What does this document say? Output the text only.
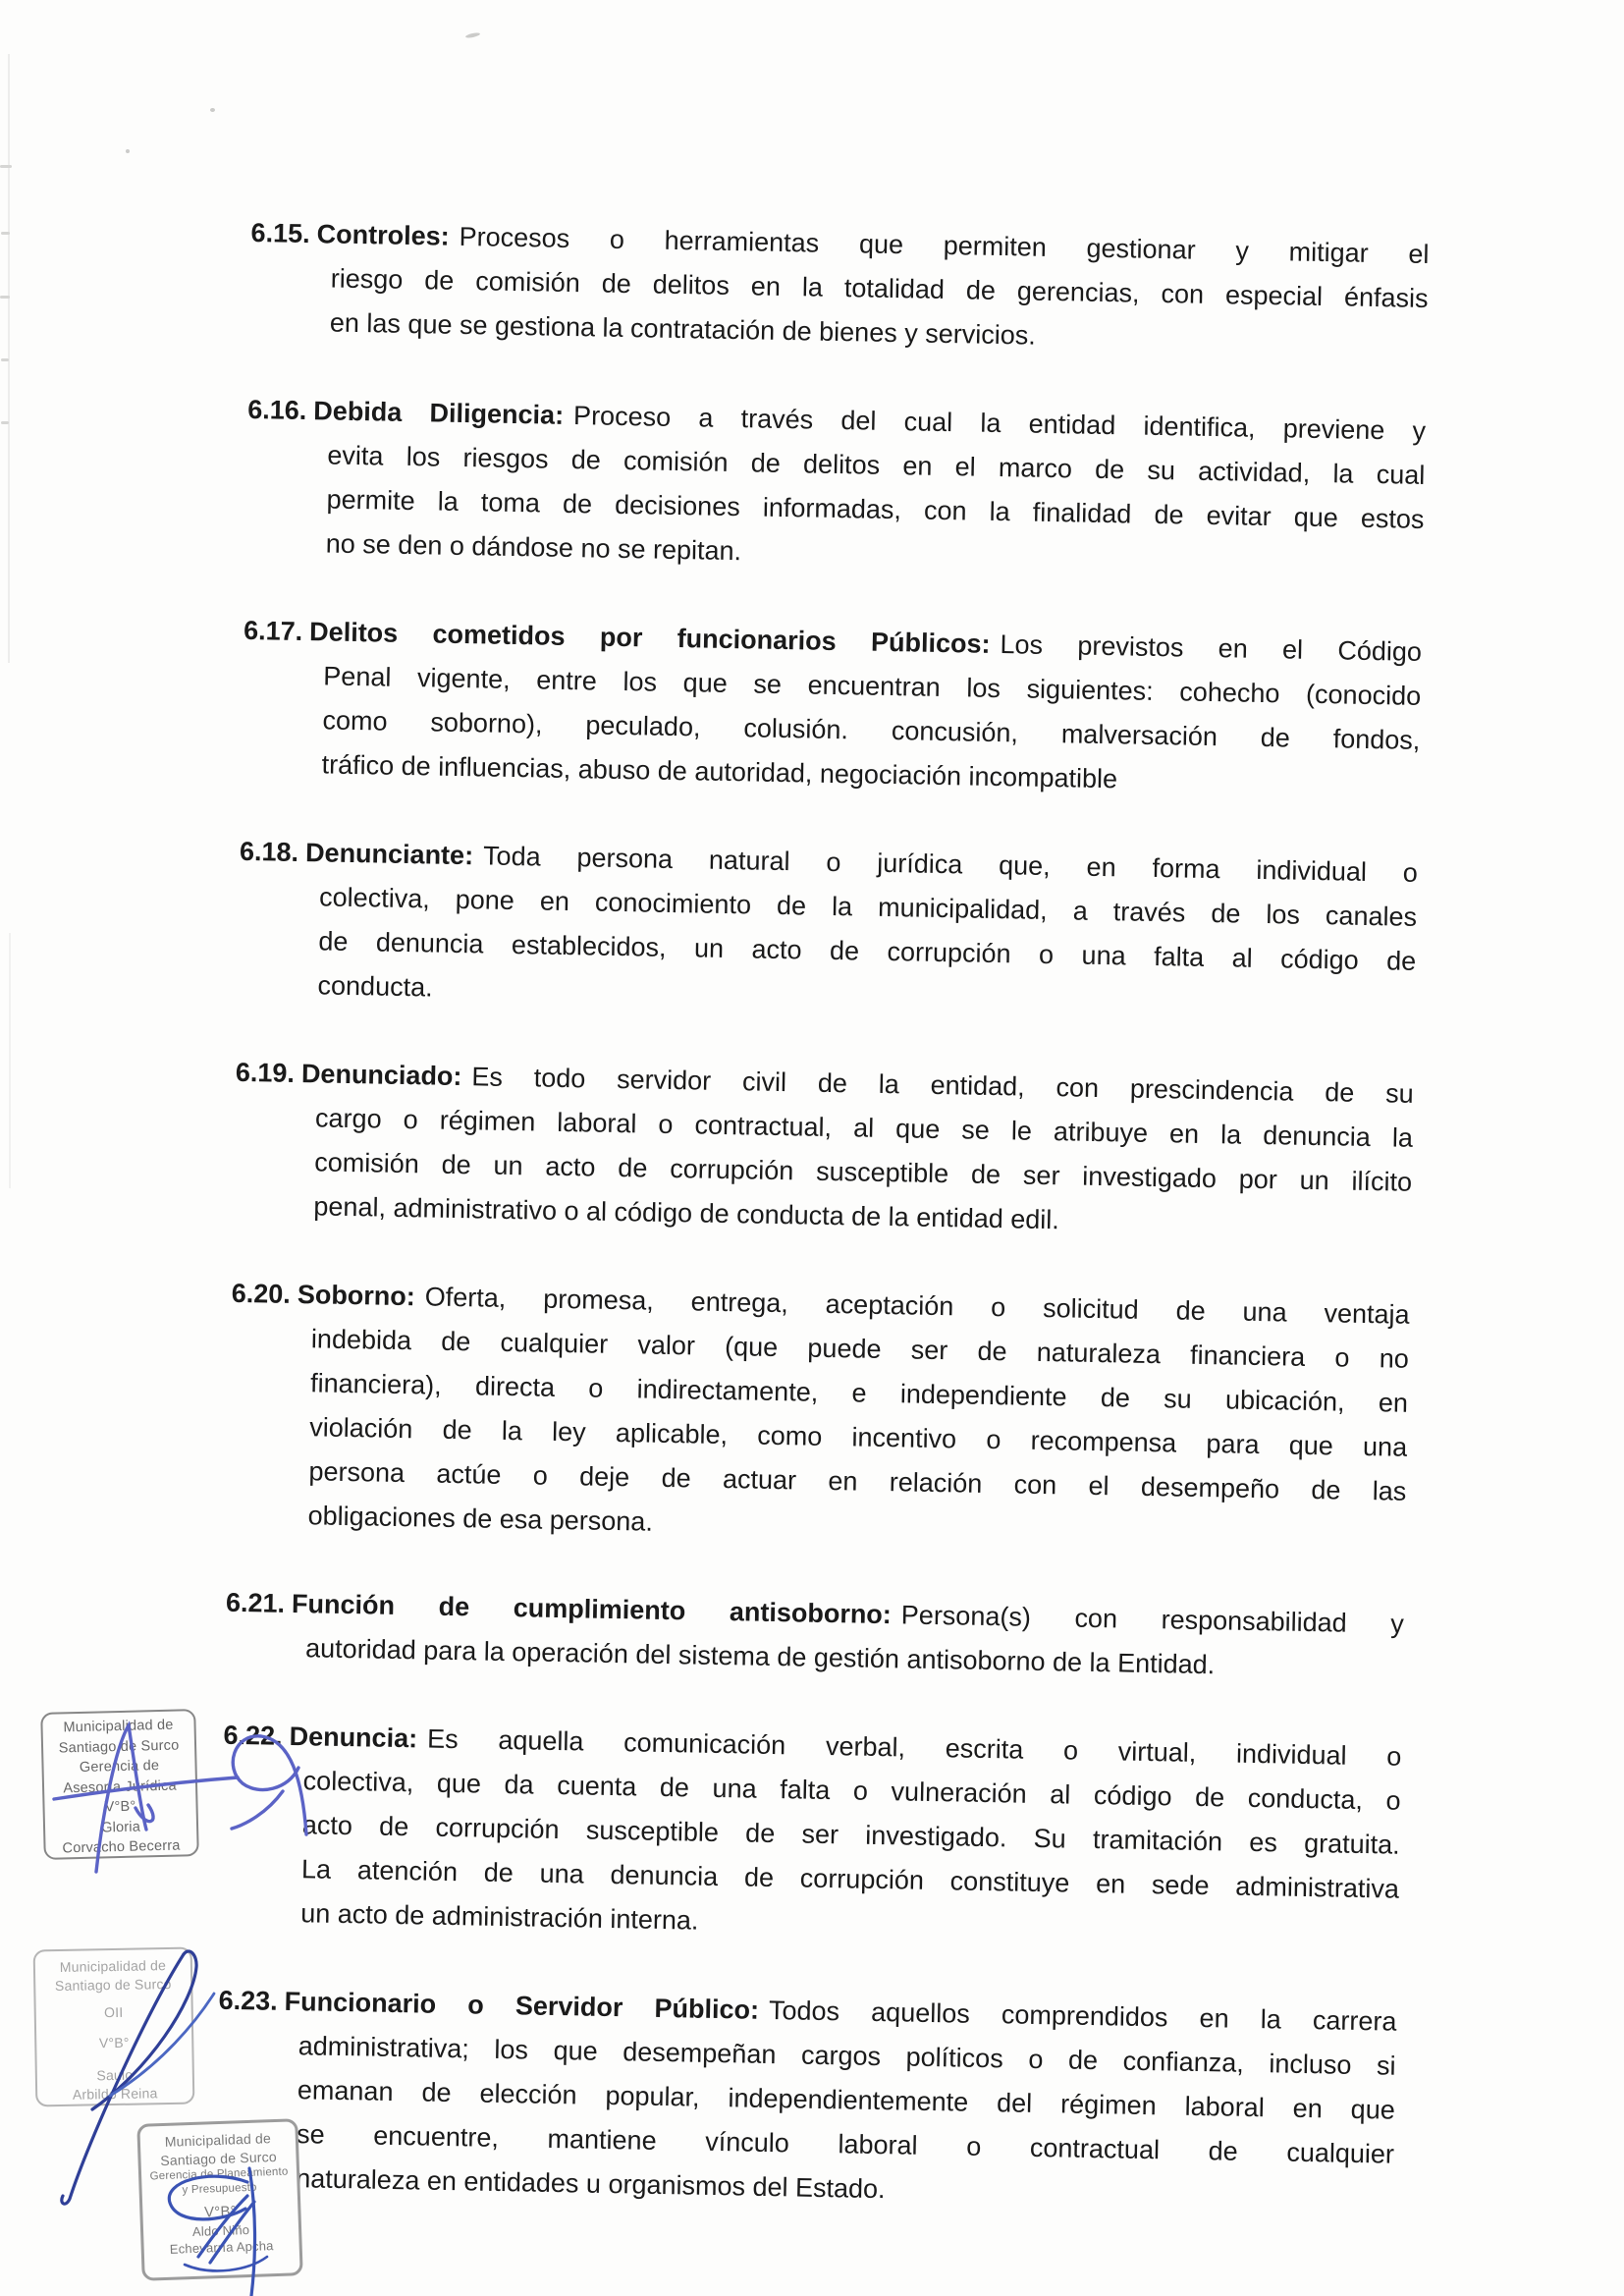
6.15. Controles: Procesos o herramientas que permiten gestionar y mitigar el
riesgo de comisión de delitos en la totalidad de gerencias, con especial énfasis
en las que se gestiona la contratación de bienes y servicios.
6.16. Debida Diligencia: Proceso a través del cual la entidad identifica, previene y
evita los riesgos de comisión de delitos en el marco de su actividad, la cual
permite la toma de decisiones informadas, con la finalidad de evitar que estos
no se den o dándose no se repitan.
6.17. Delitos cometidos por funcionarios Públicos: Los previstos en el Código
Penal vigente, entre los que se encuentran los siguientes: cohecho (conocido
como soborno), peculado, colusión. concusión, malversación de fondos,
tráfico de influencias, abuso de autoridad, negociación incompatible
6.18. Denunciante: Toda persona natural o jurídica que, en forma individual o
colectiva, pone en conocimiento de la municipalidad, a través de los canales
de denuncia establecidos, un acto de corrupción o una falta al código de
conducta.
6.19. Denunciado: Es todo servidor civil de la entidad, con prescindencia de su
cargo o régimen laboral o contractual, al que se le atribuye en la denuncia la
comisión de un acto de corrupción susceptible de ser investigado por un ilícito
penal, administrativo o al código de conducta de la entidad edil.
6.20. Soborno: Oferta, promesa, entrega, aceptación o solicitud de una ventaja
indebida de cualquier valor (que puede ser de naturaleza financiera o no
financiera), directa o indirectamente, e independiente de su ubicación, en
violación de la ley aplicable, como incentivo o recompensa para que una
persona actúe o deje de actuar en relación con el desempeño de las
obligaciones de esa persona.
6.21. Función de cumplimiento antisoborno: Persona(s) con responsabilidad y
autoridad para la operación del sistema de gestión antisoborno de la Entidad.
6.22. Denuncia: Es aquella comunicación verbal, escrita o virtual, individual o
colectiva, que da cuenta de una falta o vulneración al código de conducta, o
acto de corrupción susceptible de ser investigado. Su tramitación es gratuita.
La atención de una denuncia de corrupción constituye en sede administrativa
un acto de administración interna.
6.23. Funcionario o Servidor Público: Todos aquellos comprendidos en la carrera
administrativa; los que desempeñan cargos políticos o de confianza, incluso si
emanan de elección popular, independientemente del régimen laboral en que
se encuentre, mantiene vínculo laboral o contractual de cualquier
naturaleza en entidades u organismos del Estado.
Municipalidad de
Santiago de Surco
Gerencia de
Asesoría Jurídica
V°B°
Gloria
Corvacho Becerra
Municipalidad de
Santiago de Surco
OII
V°B°
Saulo
Arbildo Reina
Municipalidad de
Santiago de Surco
Gerencia de Planeamiento
y Presupuesto
V°B°
Aldo Niño
Echevarría Apcha
